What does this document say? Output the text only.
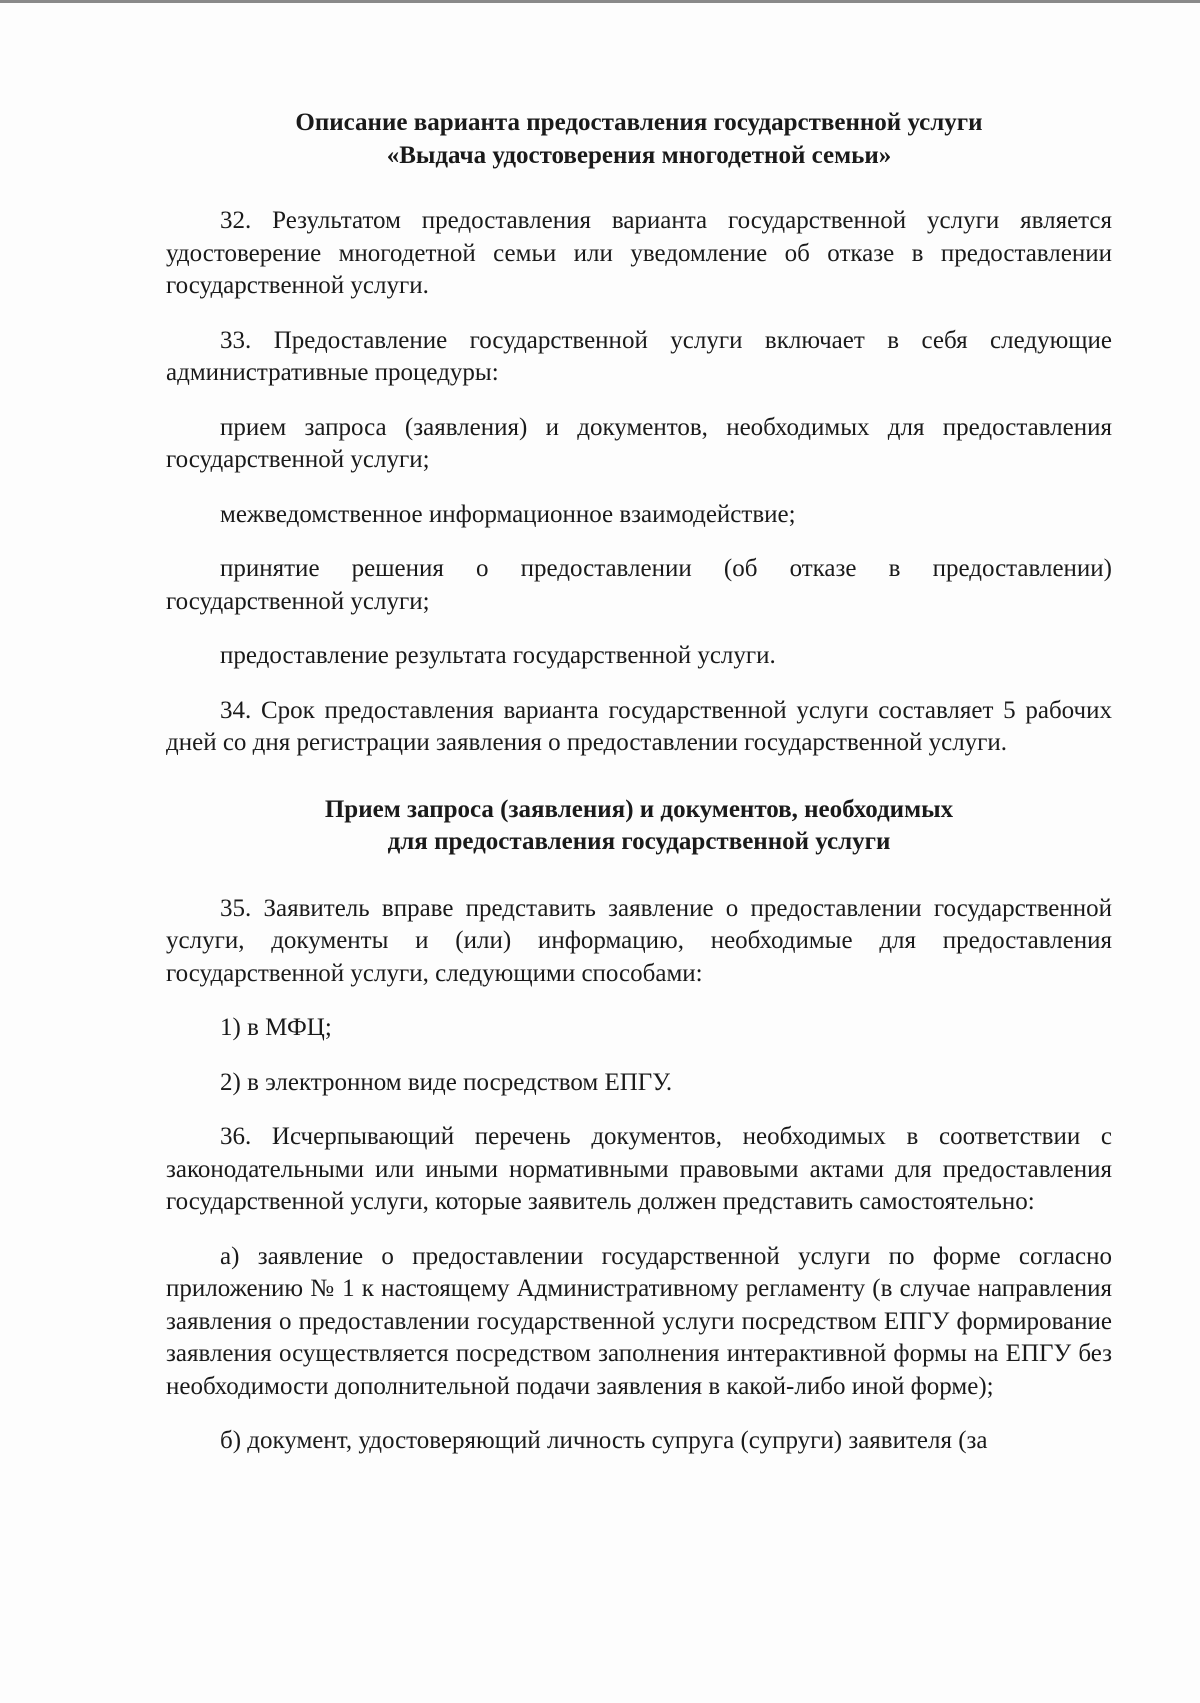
Описание варианта предоставления государственной услуги
«Выдача удостоверения многодетной семьи»

32. Результатом предоставления варианта государственной услуги является удостоверение многодетной семьи или уведомление об отказе в предоставлении государственной услуги.

33. Предоставление государственной услуги включает в себя следующие административные процедуры:

прием запроса (заявления) и документов, необходимых для предоставления государственной услуги;

межведомственное информационное взаимодействие;

принятие решения о предоставлении (об отказе в предоставлении) государственной услуги;

предоставление результата государственной услуги.

34. Срок предоставления варианта государственной услуги составляет 5 рабочих дней со дня регистрации заявления о предоставлении государственной услуги.

Прием запроса (заявления) и документов, необходимых
для предоставления государственной услуги

35. Заявитель вправе представить заявление о предоставлении государственной услуги, документы и (или) информацию, необходимые для предоставления государственной услуги, следующими способами:

1) в МФЦ;

2) в электронном виде посредством ЕПГУ.

36. Исчерпывающий перечень документов, необходимых в соответствии с законодательными или иными нормативными правовыми актами для предоставления государственной услуги, которые заявитель должен представить самостоятельно:

а) заявление о предоставлении государственной услуги по форме согласно приложению № 1 к настоящему Административному регламенту (в случае направления заявления о предоставлении государственной услуги посредством ЕПГУ формирование заявления осуществляется посредством заполнения интерактивной формы на ЕПГУ без необходимости дополнительной подачи заявления в какой-либо иной форме);

б) документ, удостоверяющий личность супруга (супруги) заявителя (за
